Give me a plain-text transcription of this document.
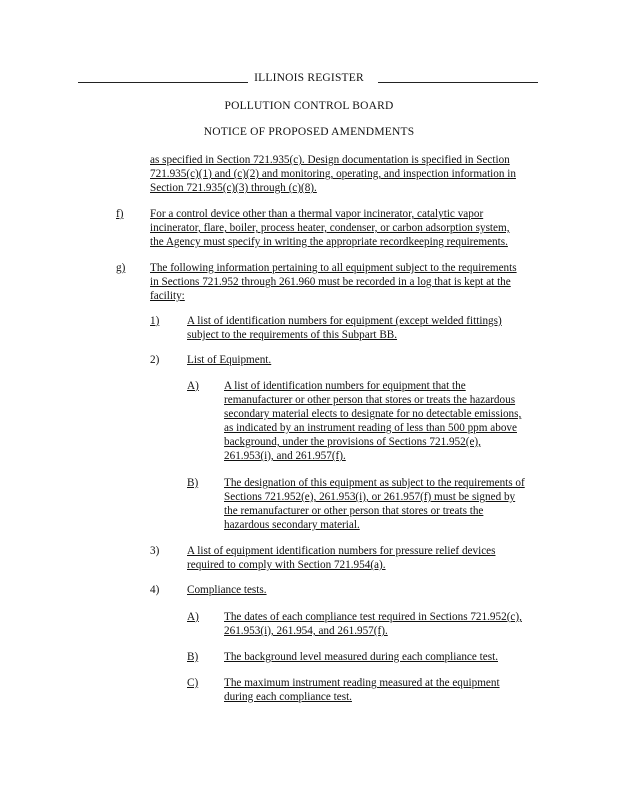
ILLINOIS REGISTER
POLLUTION CONTROL BOARD
NOTICE OF PROPOSED AMENDMENTS
as specified in Section 721.935(c). Design documentation is specified in Section
721.935(c)(1) and (c)(2) and monitoring, operating, and inspection information in
Section 721.935(c)(3) through (c)(8).
f) For a control device other than a thermal vapor incinerator, catalytic vapor
incinerator, flare, boiler, process heater, condenser, or carbon adsorption system,
the Agency must specify in writing the appropriate recordkeeping requirements.
g) The following information pertaining to all equipment subject to the requirements
in Sections 721.952 through 261.960 must be recorded in a log that is kept at the
facility:
1) A list of identification numbers for equipment (except welded fittings)
subject to the requirements of this Subpart BB.
2) List of Equipment.
A) A list of identification numbers for equipment that the
remanufacturer or other person that stores or treats the hazardous
secondary material elects to designate for no detectable emissions,
as indicated by an instrument reading of less than 500 ppm above
background, under the provisions of Sections 721.952(e),
261.953(i), and 261.957(f).
B) The designation of this equipment as subject to the requirements of
Sections 721.952(e), 261.953(i), or 261.957(f) must be signed by
the remanufacturer or other person that stores or treats the
hazardous secondary material.
3) A list of equipment identification numbers for pressure relief devices
required to comply with Section 721.954(a).
4) Compliance tests.
A) The dates of each compliance test required in Sections 721.952(c),
261.953(i), 261.954, and 261.957(f).
B) The background level measured during each compliance test.
C) The maximum instrument reading measured at the equipment
during each compliance test.
